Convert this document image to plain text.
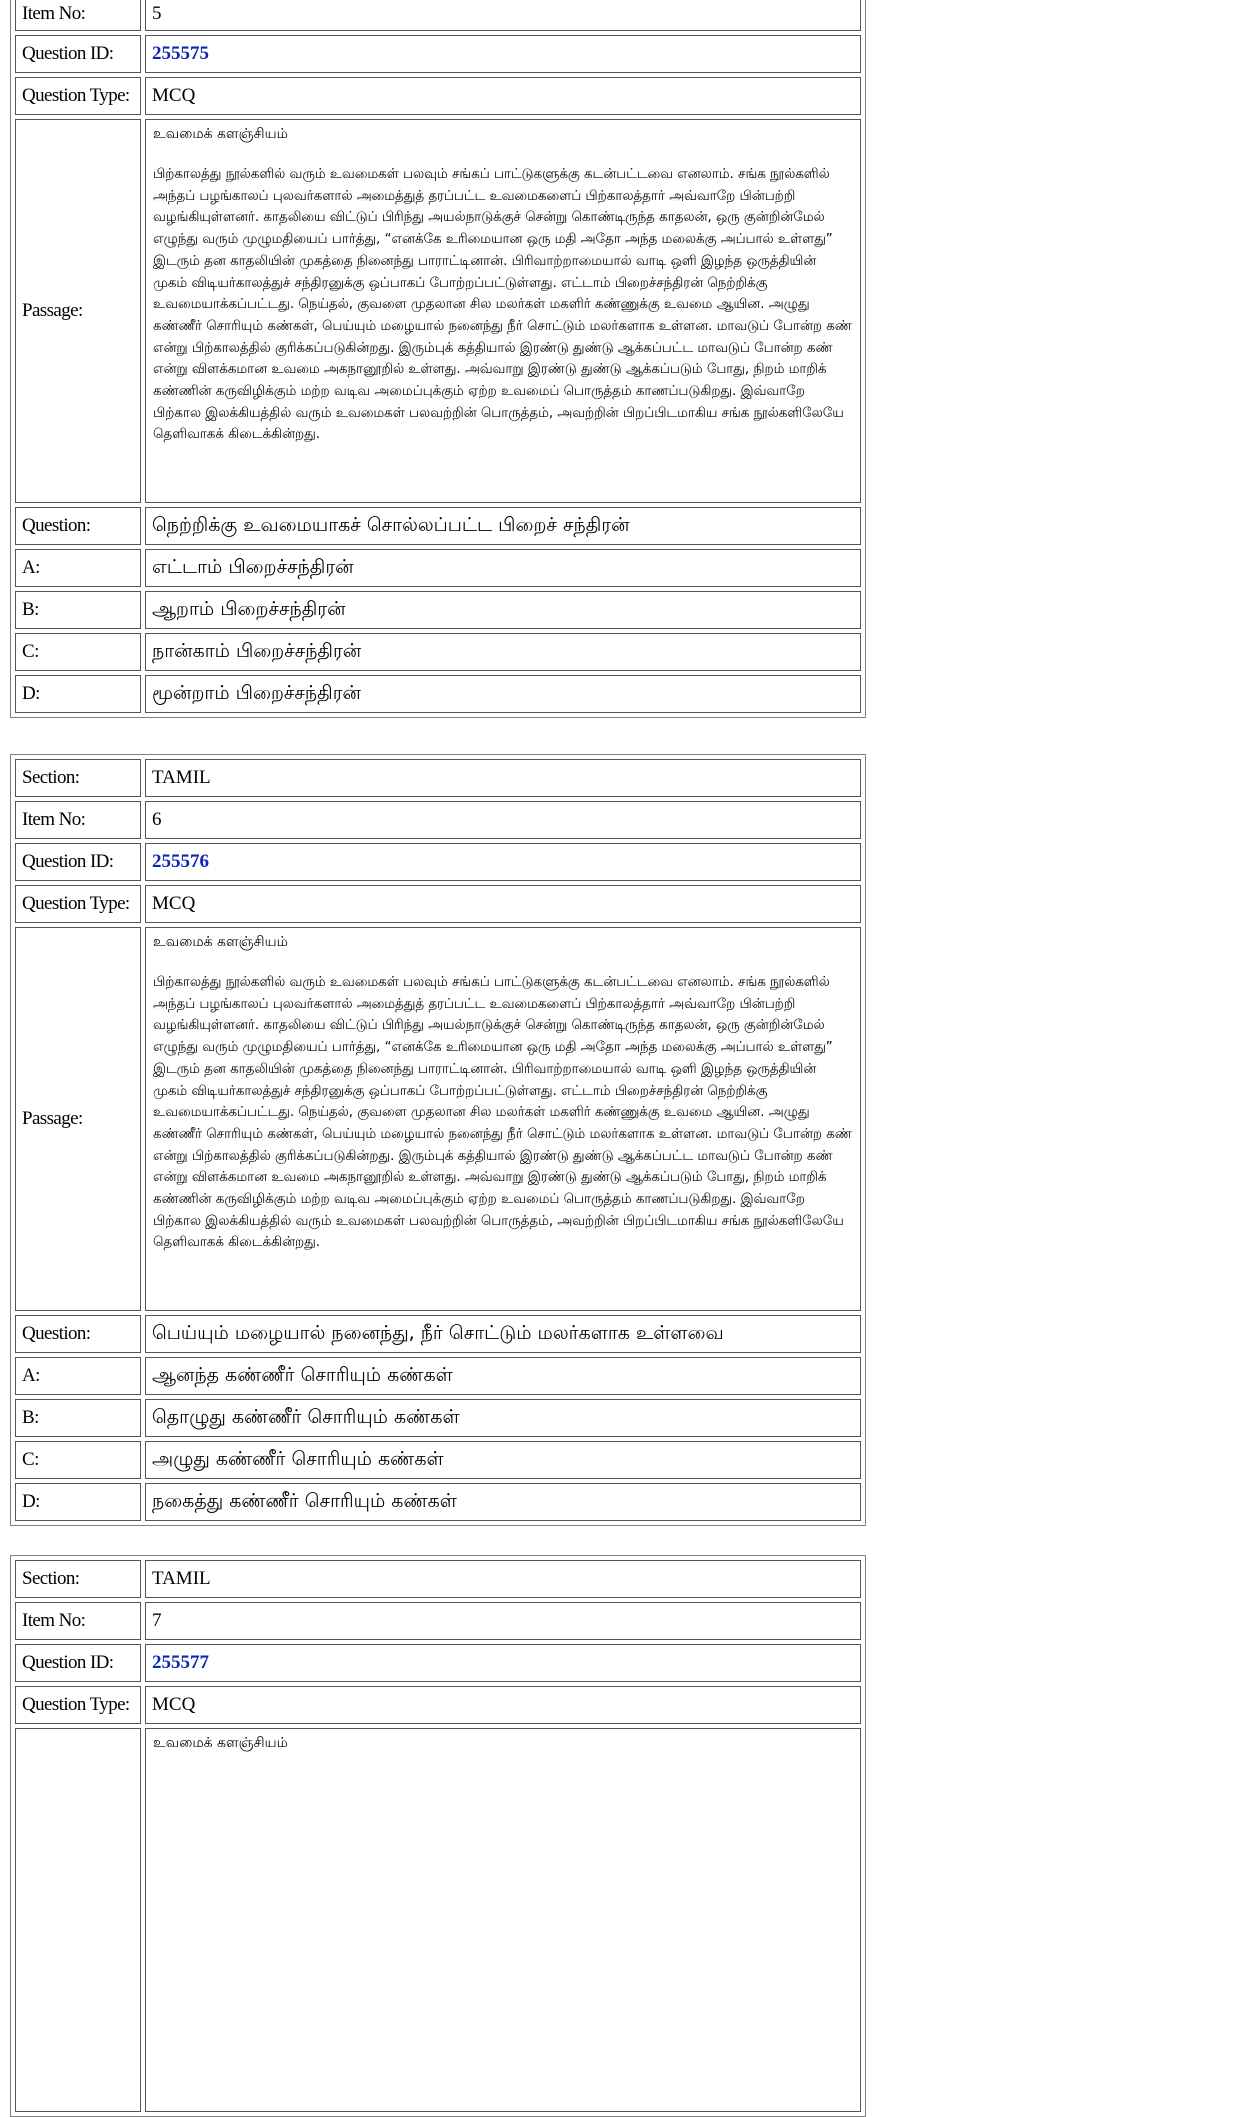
Item No:	5
Question ID:	255575
Question Type:	MCQ
Passage:	உவமைக் களஞ்சியம்
பிற்காலத்து நூல்களில் வரும் உவமைகள் பலவும் சங்கப் பாட்டுகளுக்கு கடன்பட்டவை எனலாம். சங்க நூல்களில் அந்தப் பழங்காலப் புலவர்களால் அமைத்துத் தரப்பட்ட உவமைகளைப் பிற்காலத்தார் அவ்வாறே பின்பற்றி வழங்கியுள்ளனர். காதலியை விட்டுப் பிரிந்து அயல்நாடுக்குச் சென்று கொண்டிருந்த காதலன், ஒரு குன்றின்மேல் எழுந்து வரும் முழுமதியைப் பார்த்து, “எனக்கே உரிமையான ஒரு மதி அதோ அந்த மலைக்கு அப்பால் உள்ளது” இடரும் தன காதலியின் முகத்தை நினைந்து பாராட்டினான். பிரிவாற்றாமையால் வாடி ஒளி இழந்த ஒருத்தியின் முகம் விடியர்காலத்துச் சந்திரனுக்கு ஒப்பாகப் போற்றப்பட்டுள்ளது. எட்டாம் பிறைச்சந்திரன் நெற்றிக்கு உவமையாக்கப்பட்டது. நெய்தல், குவளை முதலான சில மலர்கள் மகளிர் கண்ணுக்கு உவமை ஆயின. அழுது கண்ணீர் சொரியும் கண்கள், பெய்யும் மழையால் நனைந்து நீர் சொட்டும் மலர்களாக உள்ளன. மாவடுப் போன்ற கண் என்று பிற்காலத்தில் குரிக்கப்படுகின்றது. இரும்புக் கத்தியால் இரண்டு துண்டு ஆக்கப்பட்ட மாவடுப் போன்ற கண் என்று விளக்கமான உவமை அகநானூறில் உள்ளது. அவ்வாறு இரண்டு துண்டு ஆக்கப்படும் போது, நிறம் மாறிக் கண்ணின் கருவிழிக்கும் மற்ற வடிவ அமைப்புக்கும் ஏற்ற உவமைப் பொருத்தம் காணப்படுகிறது. இவ்வாறே பிற்கால இலக்கியத்தில் வரும் உவமைகள் பலவற்றின் பொருத்தம், அவற்றின் பிறப்பிடமாகிய சங்க நூல்களிலேயே தெளிவாகக் கிடைக்கின்றது.

Question:	நெற்றிக்கு உவமையாகச் சொல்லப்பட்ட பிறைச் சந்திரன்
A:	எட்டாம் பிறைச்சந்திரன்
B:	ஆறாம் பிறைச்சந்திரன்
C:	நான்காம் பிறைச்சந்திரன்
D:	மூன்றாம் பிறைச்சந்திரன்
Section:	TAMIL
Item No:	6
Question ID:	255576
Question Type:	MCQ
Passage:	உவமைக் களஞ்சியம்
பிற்காலத்து நூல்களில் வரும் உவமைகள் பலவும் சங்கப் பாட்டுகளுக்கு கடன்பட்டவை எனலாம். சங்க நூல்களில் அந்தப் பழங்காலப் புலவர்களால் அமைத்துத் தரப்பட்ட உவமைகளைப் பிற்காலத்தார் அவ்வாறே பின்பற்றி வழங்கியுள்ளனர். காதலியை விட்டுப் பிரிந்து அயல்நாடுக்குச் சென்று கொண்டிருந்த காதலன், ஒரு குன்றின்மேல் எழுந்து வரும் முழுமதியைப் பார்த்து, “எனக்கே உரிமையான ஒரு மதி அதோ அந்த மலைக்கு அப்பால் உள்ளது” இடரும் தன காதலியின் முகத்தை நினைந்து பாராட்டினான். பிரிவாற்றாமையால் வாடி ஒளி இழந்த ஒருத்தியின் முகம் விடியர்காலத்துச் சந்திரனுக்கு ஒப்பாகப் போற்றப்பட்டுள்ளது. எட்டாம் பிறைச்சந்திரன் நெற்றிக்கு உவமையாக்கப்பட்டது. நெய்தல், குவளை முதலான சில மலர்கள் மகளிர் கண்ணுக்கு உவமை ஆயின. அழுது கண்ணீர் சொரியும் கண்கள், பெய்யும் மழையால் நனைந்து நீர் சொட்டும் மலர்களாக உள்ளன. மாவடுப் போன்ற கண் என்று பிற்காலத்தில் குரிக்கப்படுகின்றது. இரும்புக் கத்தியால் இரண்டு துண்டு ஆக்கப்பட்ட மாவடுப் போன்ற கண் என்று விளக்கமான உவமை அகநானூறில் உள்ளது. அவ்வாறு இரண்டு துண்டு ஆக்கப்படும் போது, நிறம் மாறிக் கண்ணின் கருவிழிக்கும் மற்ற வடிவ அமைப்புக்கும் ஏற்ற உவமைப் பொருத்தம் காணப்படுகிறது. இவ்வாறே பிற்கால இலக்கியத்தில் வரும் உவமைகள் பலவற்றின் பொருத்தம், அவற்றின் பிறப்பிடமாகிய சங்க நூல்களிலேயே தெளிவாகக் கிடைக்கின்றது.

Question:	பெய்யும் மழையால் நனைந்து, நீர் சொட்டும் மலர்களாக உள்ளவை
A:	ஆனந்த கண்ணீர் சொரியும் கண்கள்
B:	தொழுது கண்ணீர் சொரியும் கண்கள்
C:	அழுது கண்ணீர் சொரியும் கண்கள்
D:	நகைத்து கண்ணீர் சொரியும் கண்கள்
Section:	TAMIL
Item No:	7
Question ID:	255577
Question Type:	MCQ

	உவமைக் களஞ்சியம்
